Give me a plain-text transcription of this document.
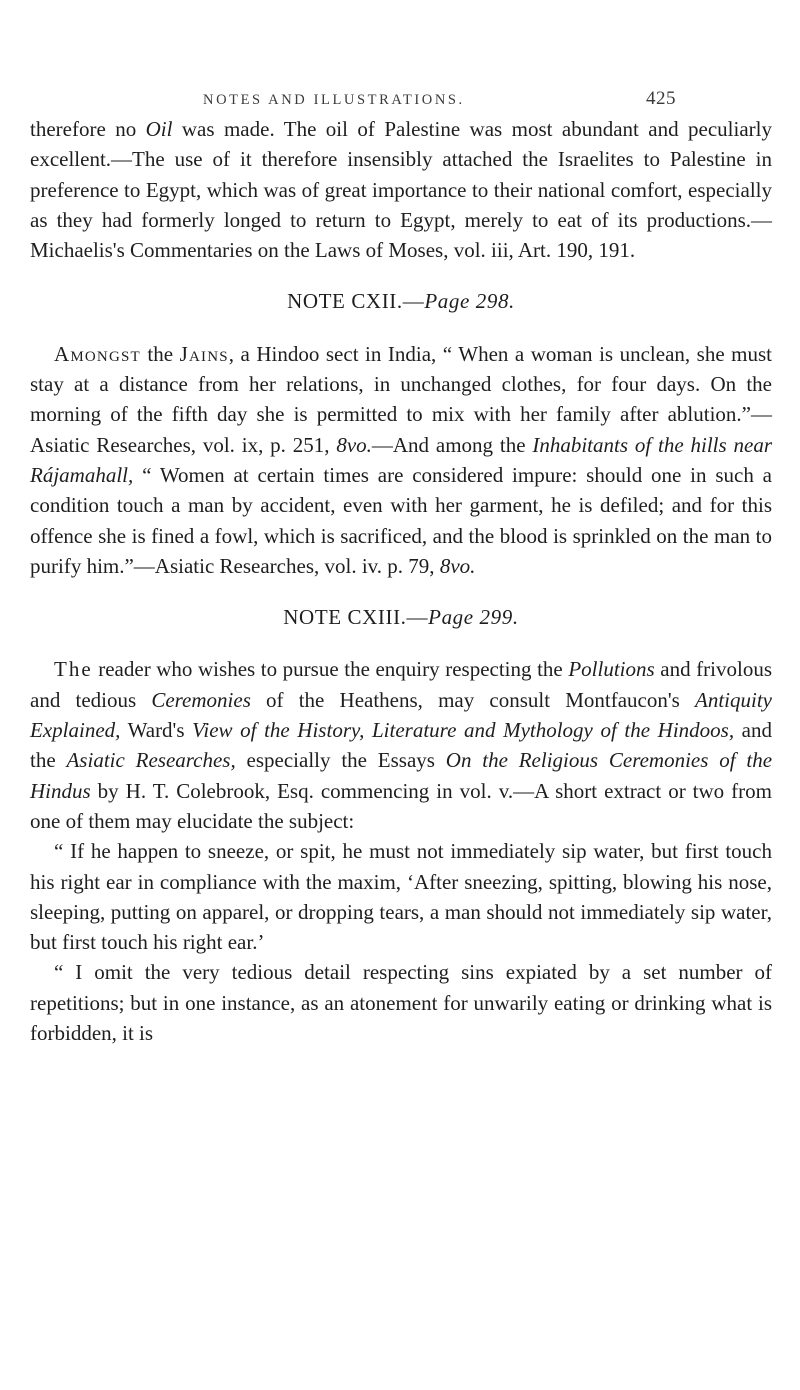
NOTES AND ILLUSTRATIONS.	425

therefore no Oil was made. The oil of Palestine was most abundant and peculiarly excellent.—The use of it therefore insensibly attached the Israelites to Palestine in preference to Egypt, which was of great importance to their national comfort, especially as they had formerly longed to return to Egypt, merely to eat of its productions.—Michaelis's Commentaries on the Laws of Moses, vol. iii, Art. 190, 191.

NOTE CXII.—Page 298.

Amongst the Jains, a Hindoo sect in India, “ When a woman is unclean, she must stay at a distance from her relations, in unchanged clothes, for four days. On the morning of the fifth day she is permitted to mix with her family after ablution.”—Asiatic Researches, vol. ix, p. 251, 8vo.—And among the Inhabitants of the hills near Rájamahall, “ Women at certain times are considered impure: should one in such a condition touch a man by accident, even with her garment, he is defiled; and for this offence she is fined a fowl, which is sacrificed, and the blood is sprinkled on the man to purify him.”—Asiatic Researches, vol. iv. p. 79, 8vo.

NOTE CXIII.—Page 299.

The reader who wishes to pursue the enquiry respecting the Pollutions and frivolous and tedious Ceremonies of the Heathens, may consult Montfaucon's Antiquity Explained, Ward's View of the History, Literature and Mythology of the Hindoos, and the Asiatic Researches, especially the Essays On the Religious Ceremonies of the Hindus by H. T. Colebrook, Esq. commencing in vol. v.—A short extract or two from one of them may elucidate the subject:

“ If he happen to sneeze, or spit, he must not immediately sip water, but first touch his right ear in compliance with the maxim, ‘After sneezing, spitting, blowing his nose, sleeping, putting on apparel, or dropping tears, a man should not immediately sip water, but first touch his right ear.’

“ I omit the very tedious detail respecting sins expiated by a set number of repetitions; but in one instance, as an atonement for unwarily eating or drinking what is forbidden, it is
